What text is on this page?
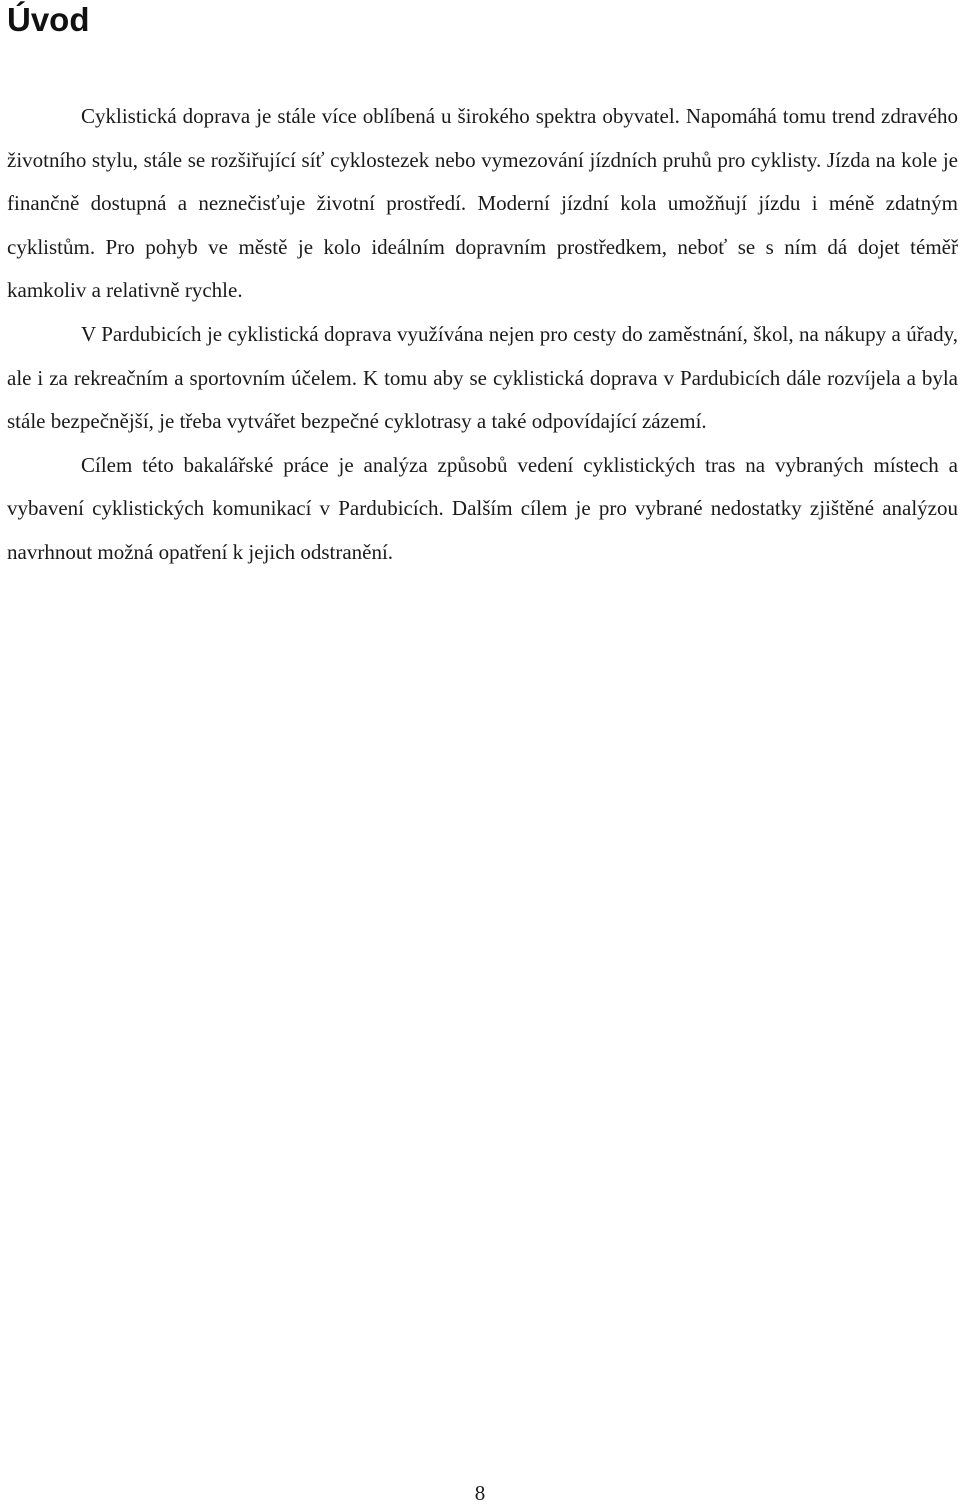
Úvod

Cyklistická doprava je stále více oblíbená u širokého spektra obyvatel. Napomáhá tomu trend zdravého životního stylu, stále se rozšiřující síť cyklostezek nebo vymezování jízdních pruhů pro cyklisty. Jízda na kole je finančně dostupná a neznečisťuje životní prostředí. Moderní jízdní kola umožňují jízdu i méně zdatným cyklistům. Pro pohyb ve městě je kolo ideálním dopravním prostředkem, neboť se s ním dá dojet téměř kamkoliv a relativně rychle.

V Pardubicích je cyklistická doprava využívána nejen pro cesty do zaměstnání, škol, na nákupy a úřady, ale i za rekreačním a sportovním účelem. K tomu aby se cyklistická doprava v Pardubicích dále rozvíjela a byla stále bezpečnější, je třeba vytvářet bezpečné cyklotrasy a také odpovídající zázemí.

Cílem této bakalářské práce je analýza způsobů vedení cyklistických tras na vybraných místech a vybavení cyklistických komunikací v Pardubicích. Dalším cílem je pro vybrané nedostatky zjištěné analýzou navrhnout možná opatření k jejich odstranění.

8
